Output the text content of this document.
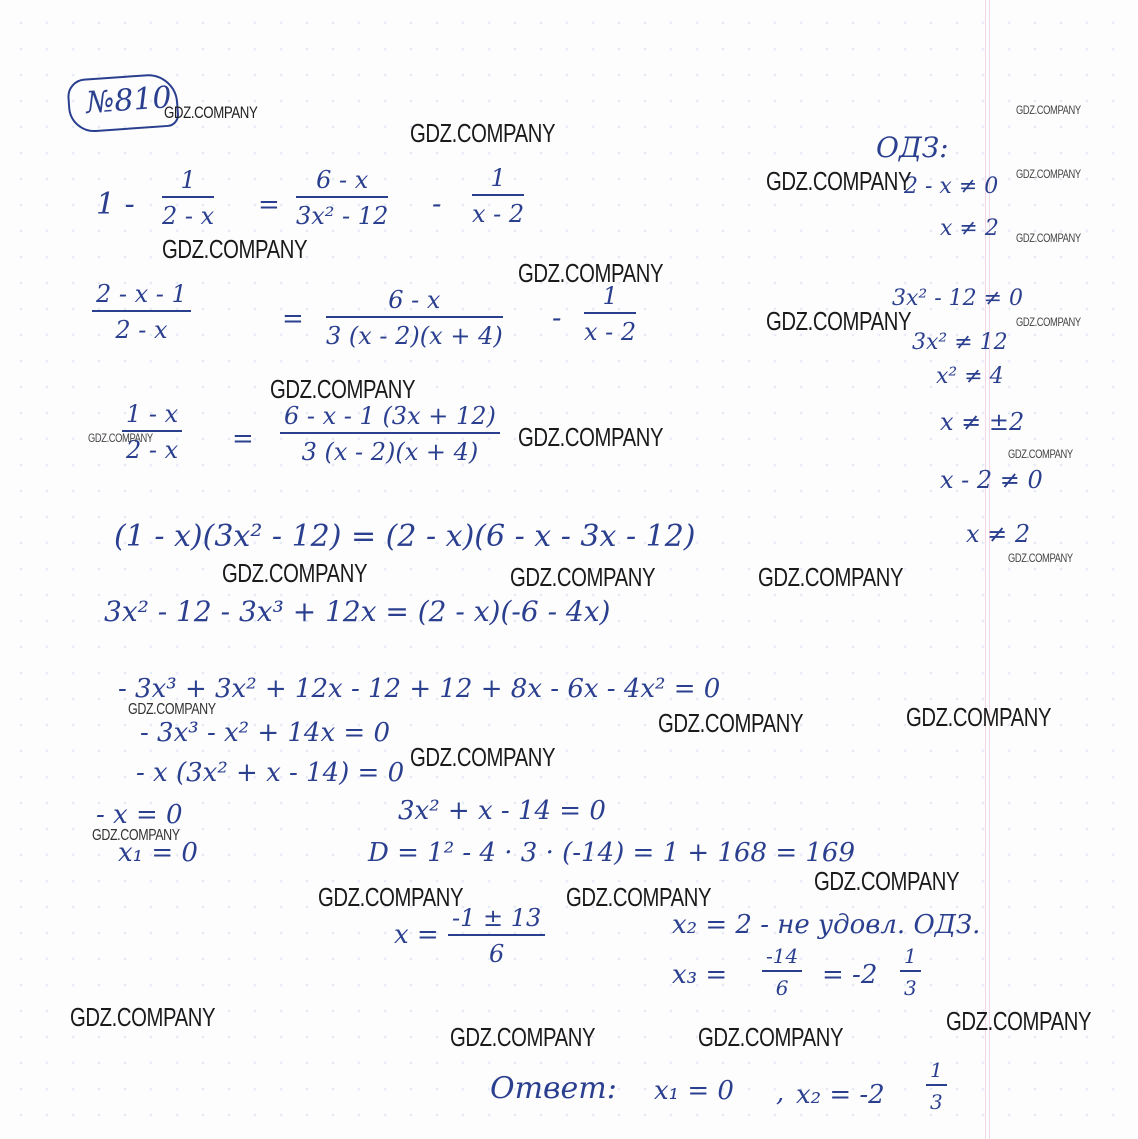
№810
$1 - \frac{1}{2 - x} = \frac{6 - x}{\text{3x² - 12}} - \frac{1}{x - 2}$
$\frac{2 - x - 1}{2 - x}$	= $\frac{6 - x}{3 (x - 2)(x + 4)} - \frac{1}{x - 2}$
$\frac{1 - x}{2 - x} = \frac{6 - x - 1 (3x + 12)}{3 (x - 2)(x + 4)}$
(1 - x)(3x² - 12) = (2 - x)(6 - x - 3x - 12)
3x² - 12 - 3x³ + 12x = (2 - x)(-6 - 4x)
- 3x³ + 3x² + 12x - 12 + 12 + 8x - 6x - 4x² = 0
- 3x³ - x² + 14x = 0
- x (3x² + x - 14) = 0
- x = 0
x₁ = 0
3x² + x - 14 = 0
D = 1² - 4 · 3 · (-14) = 1 + 168 = 169
$x = \frac{-1 \pm 13}{6}$	x₂ = 2 - не удовл. ОДЗ.
$x_3 = \frac{-14}{6} = -2 \frac{1}{3}$
Ответ: x₁ = 0 , $x_2 = -2 \frac{1}{3}$
ОДЗ:
2 - x ≠ 0
x ≠ 2
3x² - 12 ≠ 0
3x² ≠ 12
x² ≠ 4
x ≠ ±2
x - 2 ≠ 0
x ≠ 2
GDZ.COMPANY
GDZ.COMPANY
GDZ.COMPANY
GDZ.COMPANY	GDZ.COMPANY
GDZ.COMPANY
GDZ.COMPANY
GDZ.COMPANY
GDZ.COMPANY	GDZ.COMPANY
GDZ.COMPANY
GDZ.COMPANY	GDZ.COMPANY
GDZ.COMPANY
GDZ.COMPANY
GDZ.COMPANY	GDZ.COMPANY	GDZ.COMPANY
GDZ.COMPANY	GDZ.COMPANY	GDZ.COMPANY
GDZ.COMPANY
GDZ.COMPANY
GDZ.COMPANY
GDZ.COMPANY	GDZ.COMPANY
GDZ.COMPANY	GDZ.COMPANY
GDZ.COMPANY	GDZ.COMPANY
